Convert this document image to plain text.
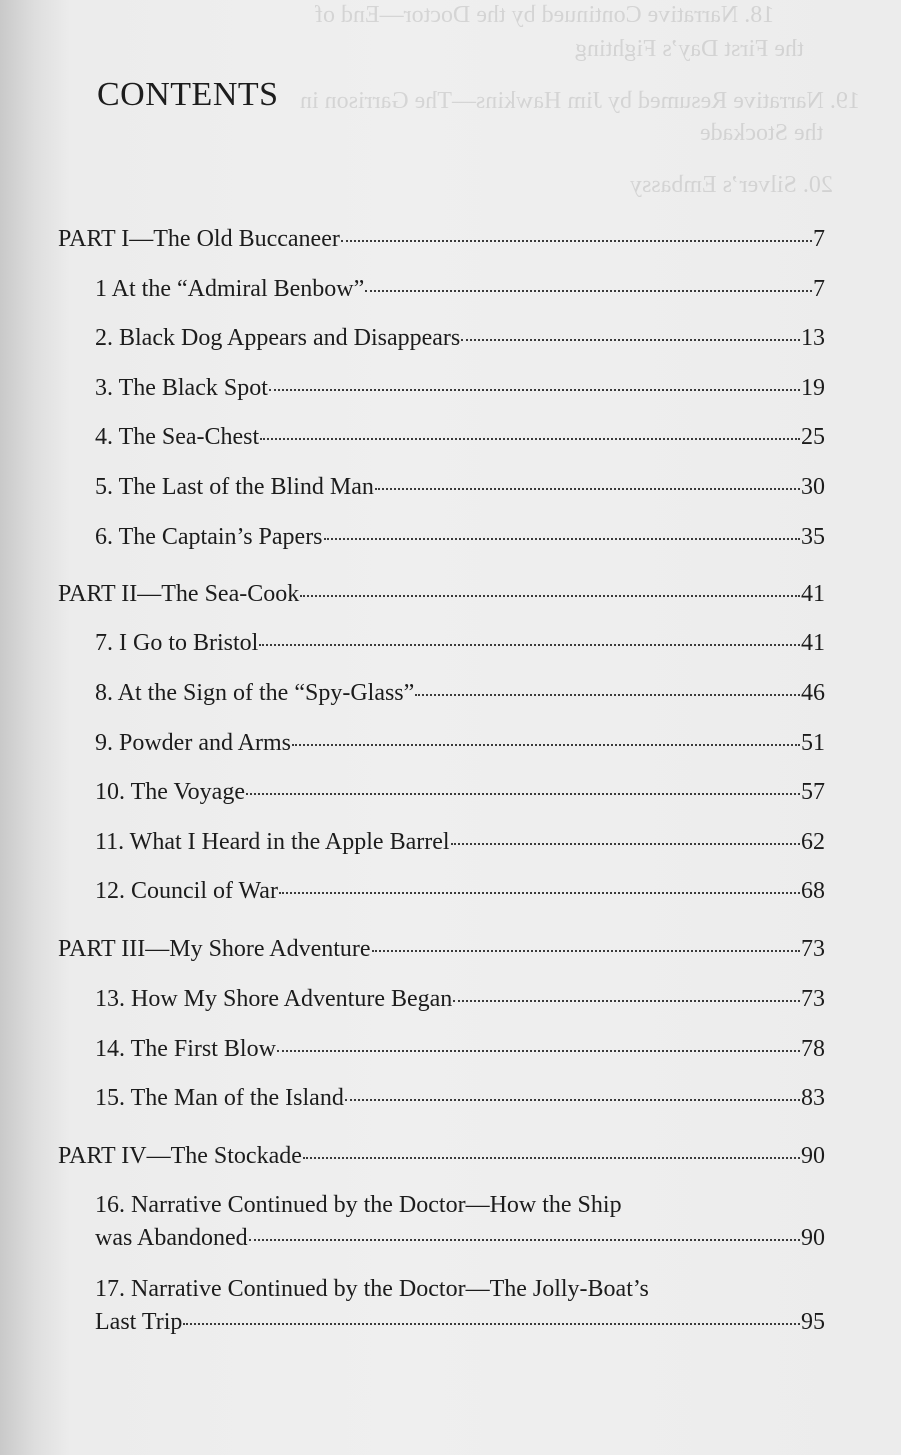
18. Narrative Continued by the Doctor—End of
the First Day’s Fighting
19. Narrative Resumed by Jim Hawkins—The Garrison in
the Stockade
20. Silver’s Embassy
CONTENTS
PART I—The Old Buccaneer	7
1 At the “Admiral Benbow”	7
2. Black Dog Appears and Disappears	13
3. The Black Spot	19
4. The Sea-Chest	25
5. The Last of the Blind Man	30
6. The Captain’s Papers	35
PART II—The Sea-Cook	41
7. I Go to Bristol	41
8. At the Sign of the “Spy-Glass”	46
9. Powder and Arms	51
10. The Voyage	57
11. What I Heard in the Apple Barrel	62
12. Council of War	68
PART III—My Shore Adventure	73
13. How My Shore Adventure Began	73
14. The First Blow	78
15. The Man of the Island	83
PART IV—The Stockade	90
16. Narrative Continued by the Doctor—How the Ship
was Abandoned	90
17. Narrative Continued by the Doctor—The Jolly-Boat’s
Last Trip	95
